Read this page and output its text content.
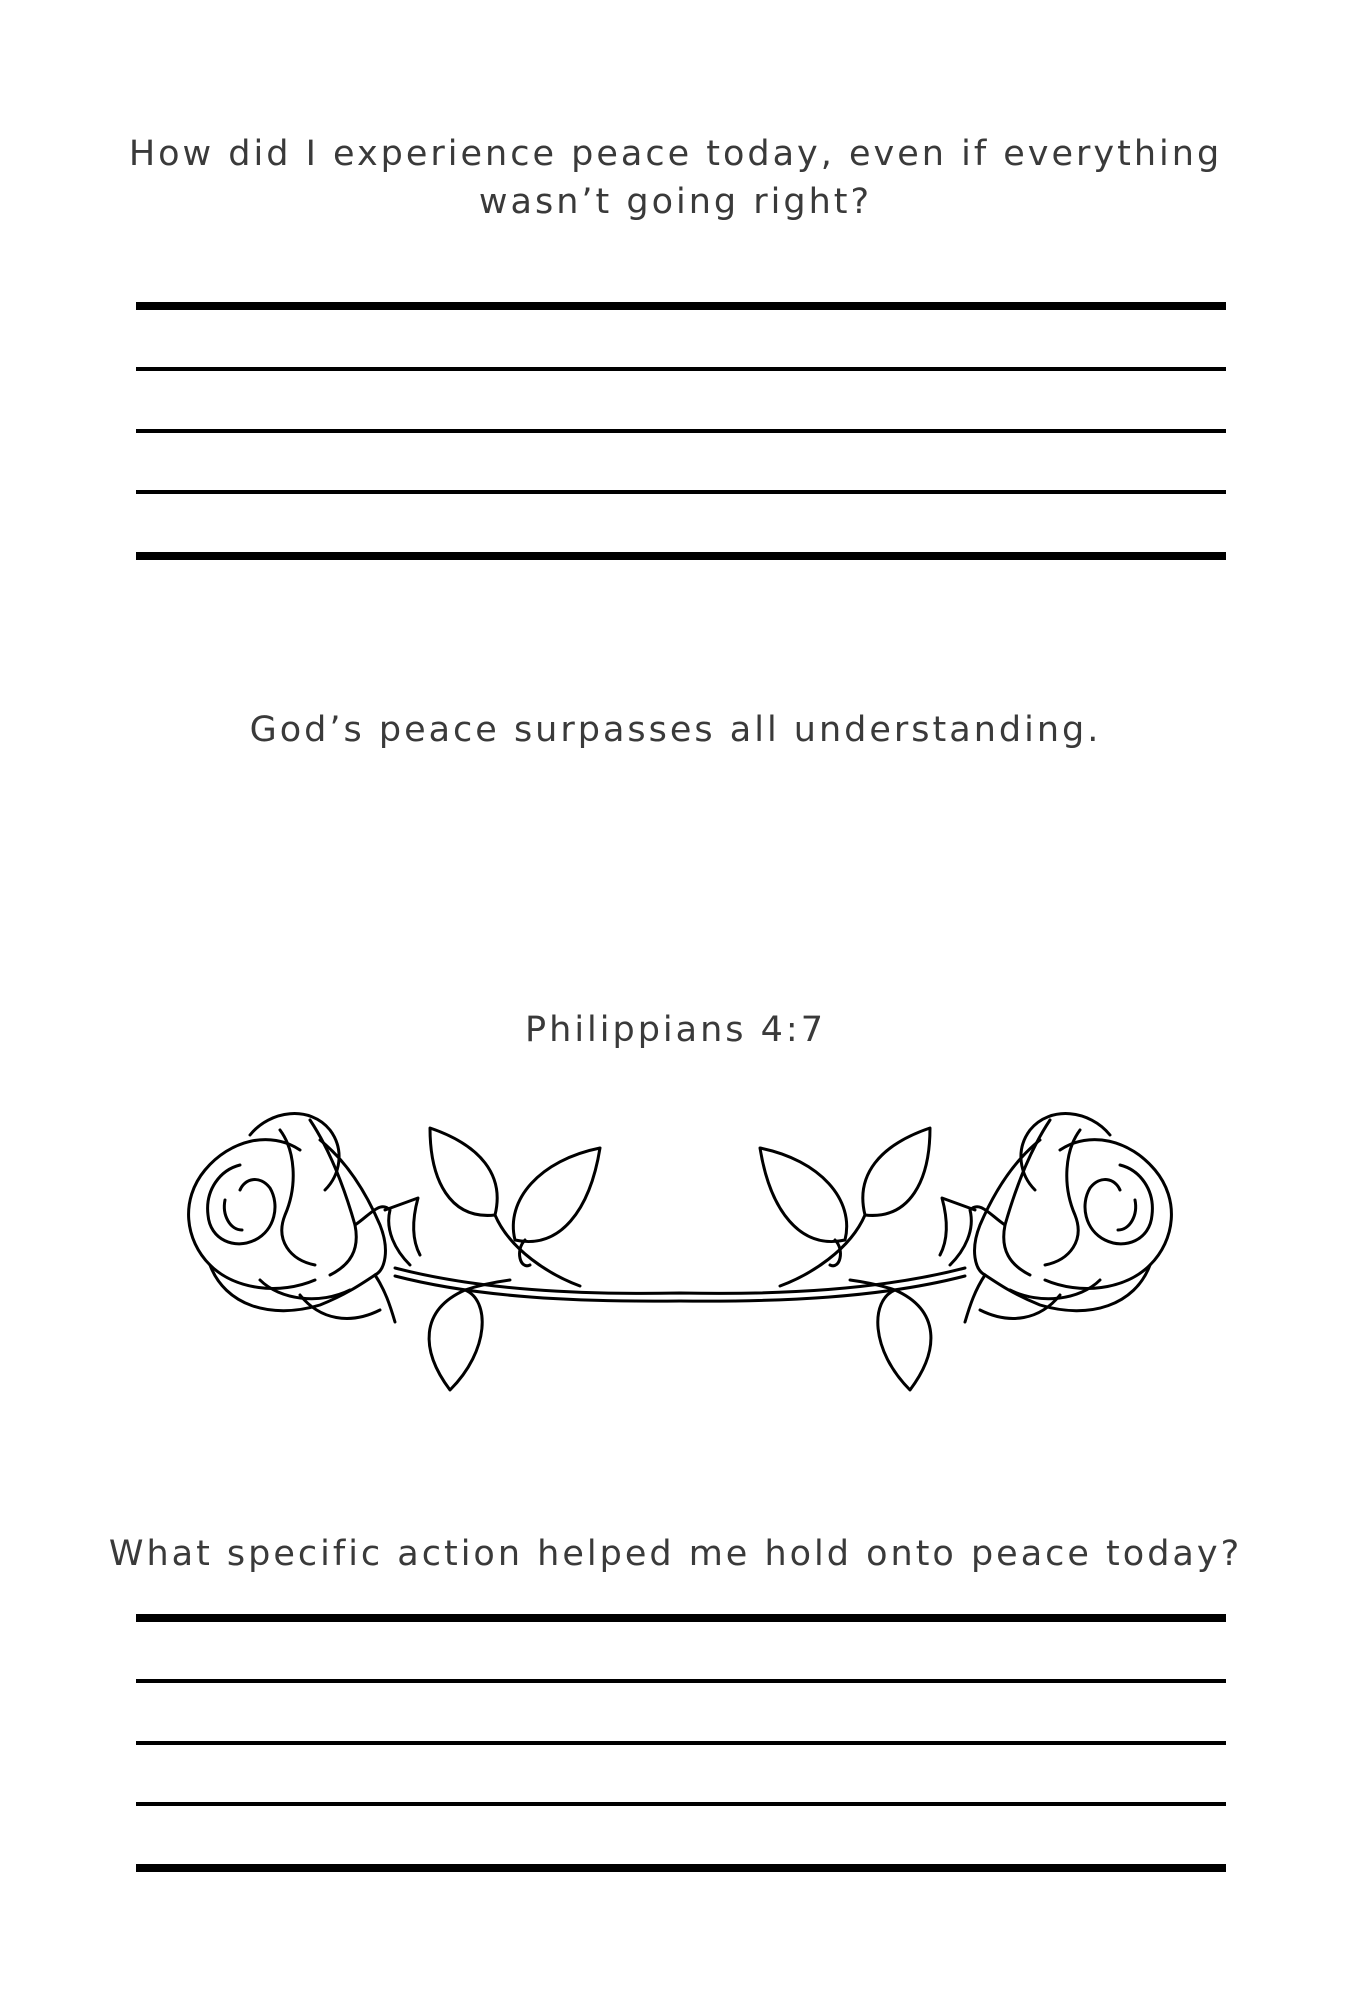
How did I experience peace today, even if everything
wasn’t going right?

God’s peace surpasses all understanding.

Philippians 4:7

What specific action helped me hold onto peace today?
